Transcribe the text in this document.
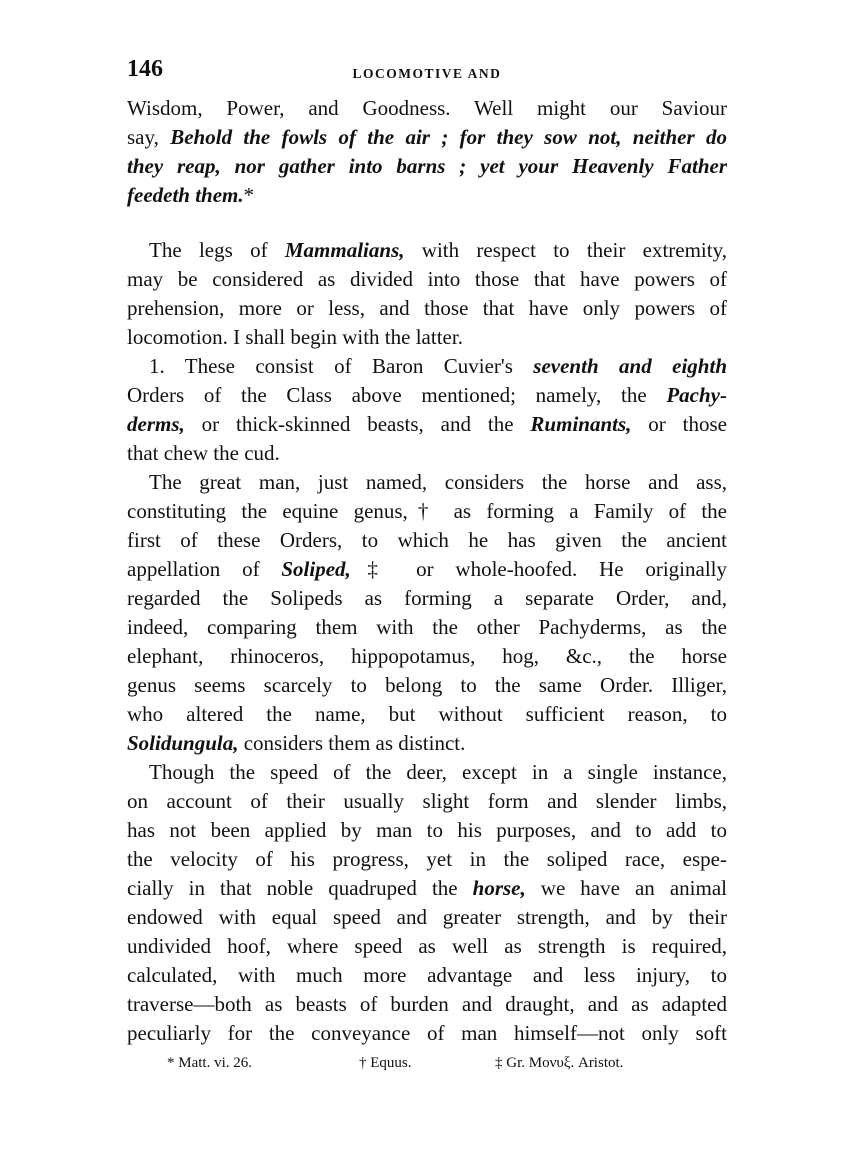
146	LOCOMOTIVE AND
Wisdom, Power, and Goodness. Well might our Saviour
say, Behold the fowls of the air ; for they sow not, neither do
they reap, nor gather into barns ; yet your Heavenly Father
feedeth them.*
The legs of Mammalians, with respect to their extremity,
may be considered as divided into those that have powers of
prehension, more or less, and those that have only powers of
locomotion. I shall begin with the latter.
1. These consist of Baron Cuvier's seventh and eighth
Orders of the Class above mentioned; namely, the Pachy-
derms, or thick-skinned beasts, and the Ruminants, or those
that chew the cud.
The great man, just named, considers the horse and ass,
constituting the equine genus,† as forming a Family of the
first of these Orders, to which he has given the ancient
appellation of Soliped,‡ or whole-hoofed. He originally
regarded the Solipeds as forming a separate Order, and,
indeed, comparing them with the other Pachyderms, as the
elephant, rhinoceros, hippopotamus, hog, &c., the horse
genus seems scarcely to belong to the same Order. Illiger,
who altered the name, but without sufficient reason, to
Solidungula, considers them as distinct.
Though the speed of the deer, except in a single instance,
on account of their usually slight form and slender limbs,
has not been applied by man to his purposes, and to add to
the velocity of his progress, yet in the soliped race, espe-
cially in that noble quadruped the horse, we have an animal
endowed with equal speed and greater strength, and by their
undivided hoof, where speed as well as strength is required,
calculated, with much more advantage and less injury, to
traverse—both as beasts of burden and draught, and as adapted
peculiarly for the conveyance of man himself—not only soft
* Matt. vi. 26.	† Equus.	‡ Gr. Μονυξ. Aristot.
